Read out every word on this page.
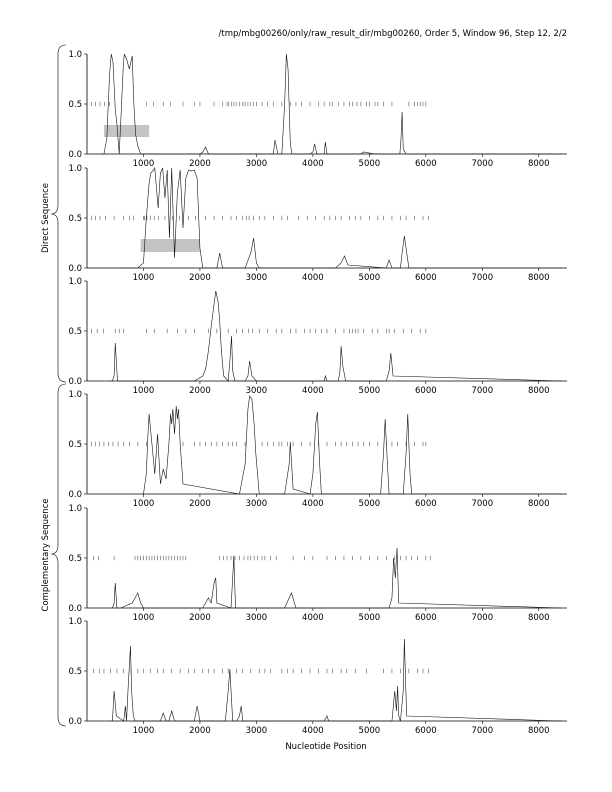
/tmp/mbg00260/only/raw_result_dir/mbg00260, Order 5, Window 96, Step 12, 2/2
0.0
0.5
1.0
1000	2000	3000	4000	5000	6000	7000	8000
0.0
0.5
1.0
1000	2000	3000	4000	5000	6000	7000	8000
0.0
0.5
1.0
1000	2000	3000	4000	5000	6000	7000	8000
0.0
0.5
1.0
1000	2000	3000	4000	5000	6000	7000	8000
0.0
0.5
1.0
1000	2000	3000	4000	5000	6000	7000	8000
0.0
0.5
1.0
1000	2000	3000	4000	5000	6000	7000	8000
Direct Sequence
Complementary Sequence
Nucleotide Position
